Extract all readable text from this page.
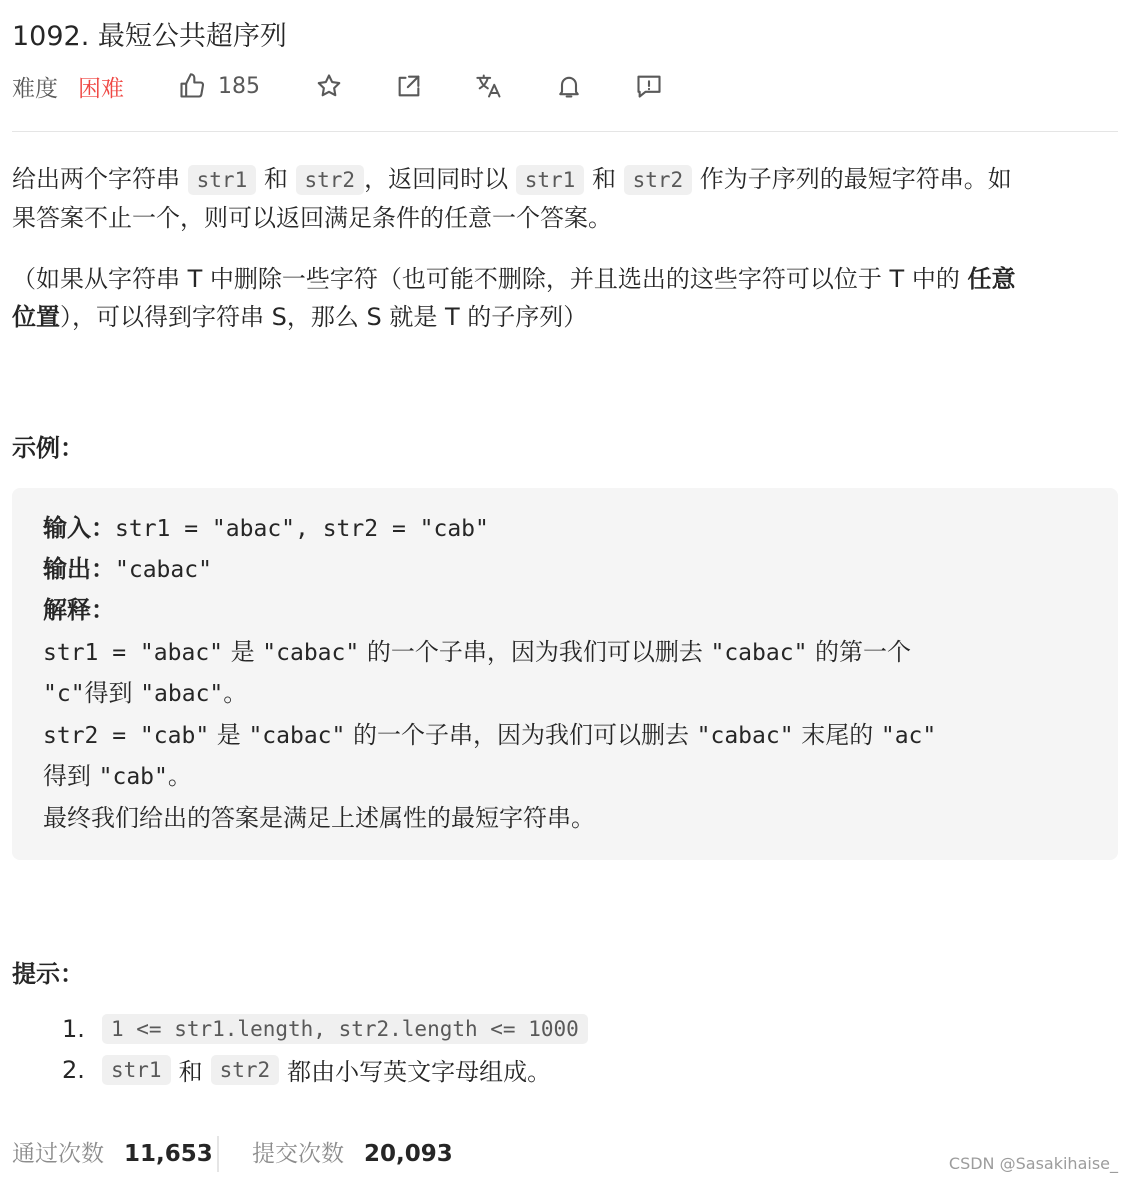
1092. 最短公共超序列
难度 困难	185
给出两个字符串 str1 和 str2 ，返回同时以 str1 和 str2 作为子序列的最短字符串。如
果答案不止一个，则可以返回满足条件的任意一个答案。
（如果从字符串 T 中删除一些字符（也可能不删除，并且选出的这些字符可以位于 T 中的 任意
位置），可以得到字符串 S，那么 S 就是 T 的子序列）
示例：
输入：str1 = "abac", str2 = "cab"
输出："cabac"
解释：
str1 = "abac" 是 "cabac" 的一个子串，因为我们可以删去 "cabac" 的第一个
"c"得到 "abac"。
str2 = "cab" 是 "cabac" 的一个子串，因为我们可以删去 "cabac" 末尾的 "ac"
得到 "cab"。
最终我们给出的答案是满足上述属性的最短字符串。
提示：
1.	1 <= str1.length, str2.length <= 1000
2.	str1 和 str2 都由小写英文字母组成。
通过次数 11,653 提交次数 20,093	CSDN @Sasakihaise_
